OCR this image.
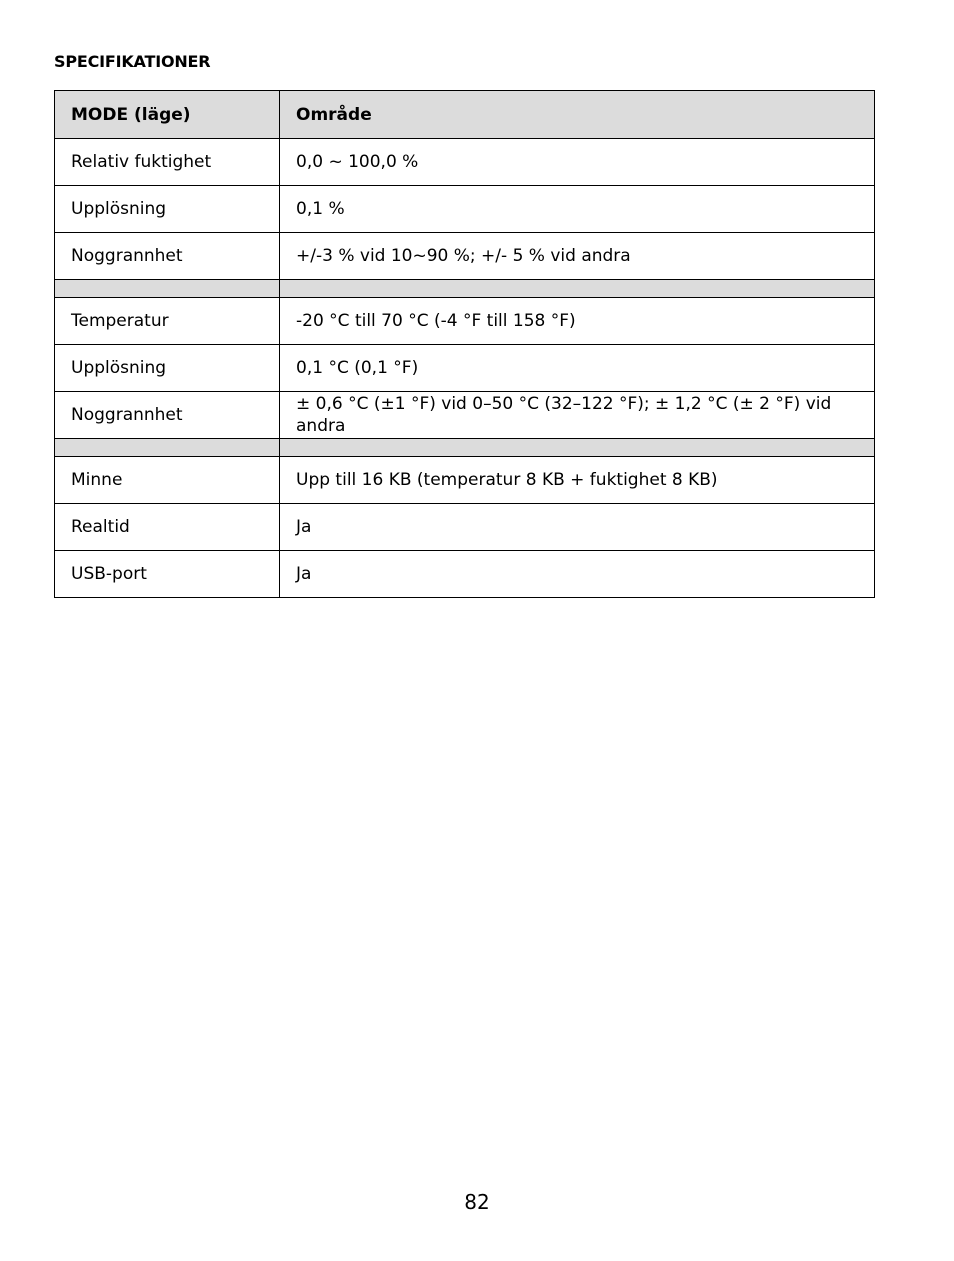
SPECIFIKATIONER
MODE (läge)	Område
Relativ fuktighet	0,0 ~ 100,0 %
Upplösning	0,1 %
Noggrannhet	+/-3 % vid 10~90 %; +/- 5 % vid andra

Temperatur	-20 °C till 70 °C (-4 °F till 158 °F)
Upplösning	0,1 °C (0,1 °F)
Noggrannhet	± 0,6 °C (±1 °F) vid 0–50 °C (32–122 °F); ± 1,2 °C (± 2 °F) vid andra

Minne	Upp till 16 KB (temperatur 8 KB + fuktighet 8 KB)
Realtid	Ja
USB-port	Ja
82
